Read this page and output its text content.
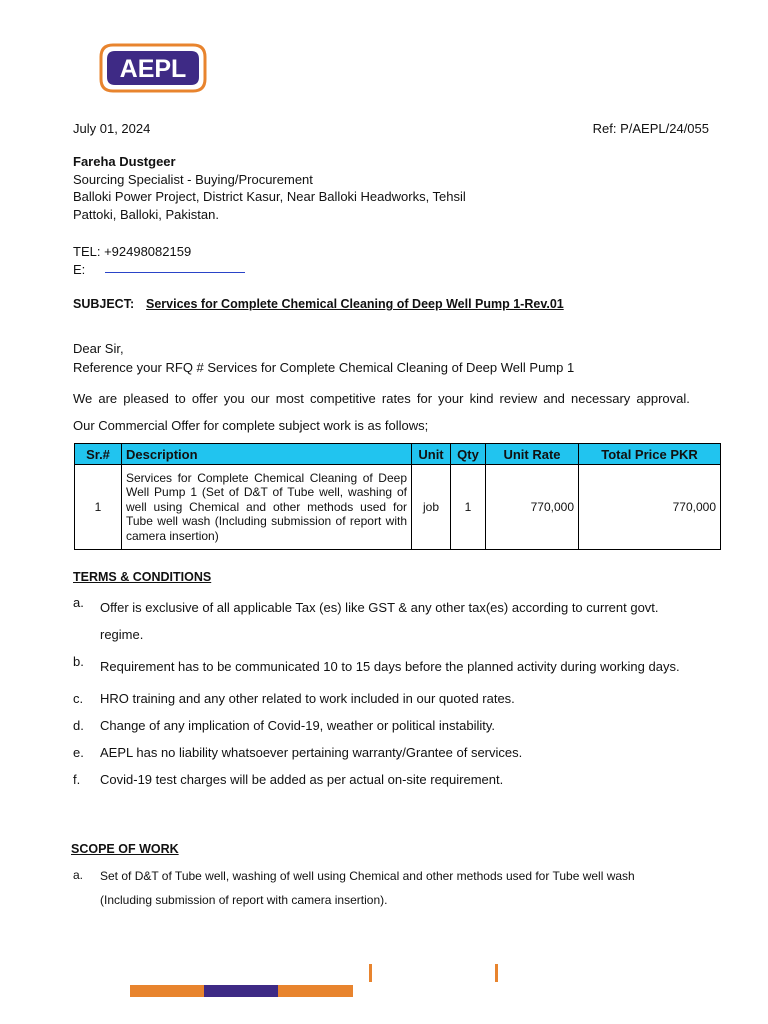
AEPL
July 01, 2024	Ref: P/AEPL/24/055
Fareha Dustgeer
Sourcing Specialist - Buying/Procurement
Balloki Power Project, District Kasur, Near Balloki Headworks, Tehsil
Pattoki, Balloki, Pakistan.
TEL: +92498082159
E:
SUBJECT: Services for Complete Chemical Cleaning of Deep Well Pump 1-Rev.01
Dear Sir,
Reference your RFQ # Services for Complete Chemical Cleaning of Deep Well Pump 1
We are pleased to offer you our most competitive rates for your kind review and necessary approval.
Our Commercial Offer for complete subject work is as follows;
Sr.#	Description	Unit	Qty	Unit Rate	Total Price PKR
1	Services for Complete Chemical Cleaning of Deep Well Pump 1 (Set of D&T of Tube well, washing of well using Chemical and other methods used for Tube well wash (Including submission of report with camera insertion)	job	1	770,000	770,000
TERMS & CONDITIONS
a. Offer is exclusive of all applicable Tax (es) like GST & any other tax(es) according to current govt. regime.
b. Requirement has to be communicated 10 to 15 days before the planned activity during working days.
c. HRO training and any other related to work included in our quoted rates.
d. Change of any implication of Covid-19, weather or political instability.
e. AEPL has no liability whatsoever pertaining warranty/Grantee of services.
f. Covid-19 test charges will be added as per actual on-site requirement.
SCOPE OF WORK
a.	Set of D&T of Tube well, washing of well using Chemical and other methods used for Tube well wash (Including submission of report with camera insertion).
